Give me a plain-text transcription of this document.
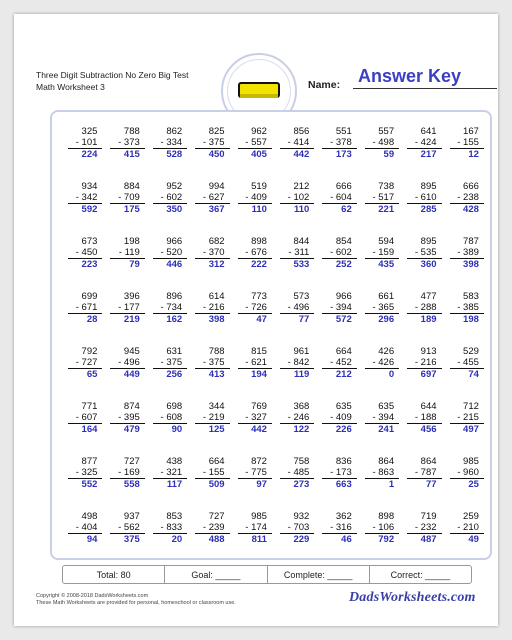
Three Digit Subtraction No Zero Big Test
Math Worksheet 3	Name: Answer Key
325
- 101
224
788
- 373
415
862
- 334
528
825
- 375
450
962
- 557
405
856
- 414
442
551
- 378
173
557
- 498
59
641
- 424
217
167
- 155
12
934
- 342
592
884
- 709
175
952
- 602
350
994
- 627
367
519
- 409
110
212
- 102
110
666
- 604
62
738
- 517
221
895
- 610
285
666
- 238
428
673
- 450
223
198
- 119
79
966
- 520
446
682
- 370
312
898
- 676
222
844
- 311
533
854
- 602
252
594
- 159
435
895
- 535
360
787
- 389
398
699
- 671
28
396
- 177
219
896
- 734
162
614
- 216
398
773
- 726
47
573
- 496
77
966
- 394
572
661
- 365
296
477
- 288
189
583
- 385
198
792
- 727
65
945
- 496
449
631
- 375
256
788
- 375
413
815
- 621
194
961
- 842
119
664
- 452
212
426
- 426
0
913
- 216
697
529
- 455
74
771
- 607
164
874
- 395
479
698
- 608
90
344
- 219
125
769
- 327
442
368
- 246
122
635
- 409
226
635
- 394
241
644
- 188
456
712
- 215
497
877
- 325
552
727
- 169
558
438
- 321
117
664
- 155
509
872
- 775
97
758
- 485
273
836
- 173
663
864
- 863
1
864
- 787
77
985
- 960
25
498
- 404
94
937
- 562
375
853
- 833
20
727
- 239
488
985
- 174
811
932
- 703
229
362
- 316
46
898
- 106
792
719
- 232
487
259
- 210
49
Total: 80	Goal: _____	Complete: _____	Correct: _____
Copyright © 2008-2018 DadsWorksheets.com
These Math Worksheets are provided for personal, homeschool or classroom use.	DadsWorksheets.com
